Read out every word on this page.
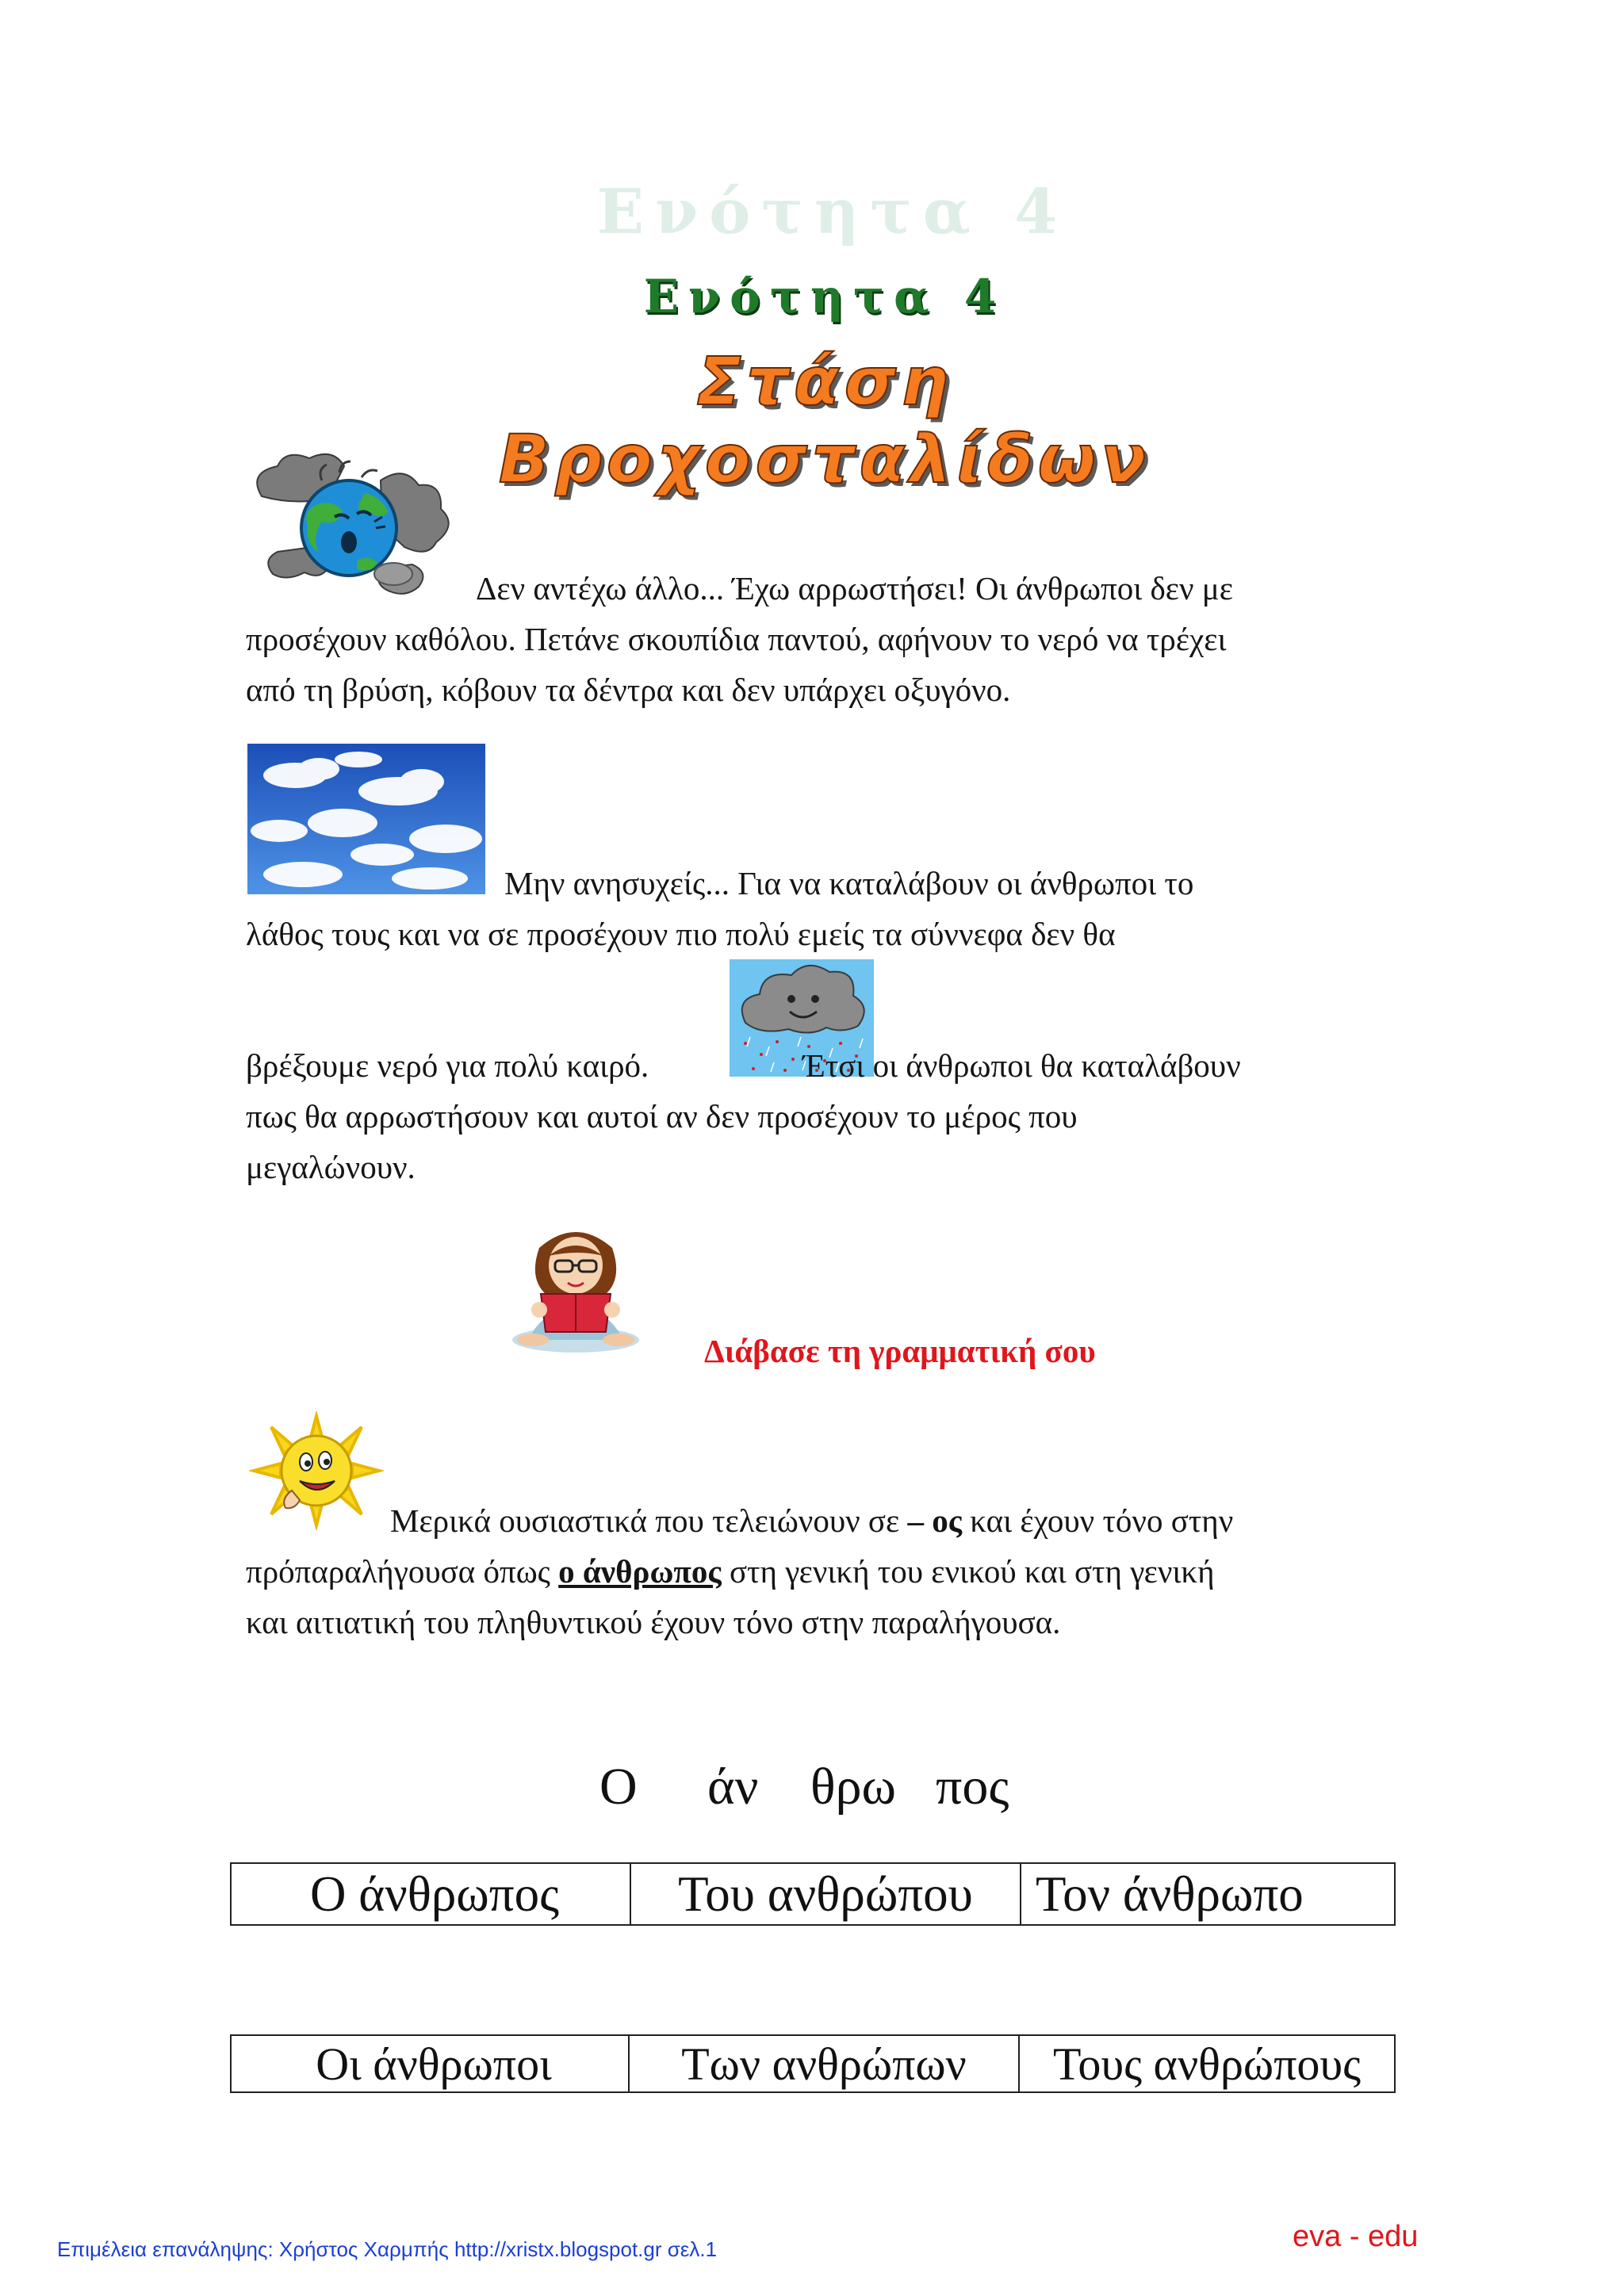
Ενότητα 4
Ενότητα 4
Στάση Βροχοσταλίδων

Δεν αντέχω άλλο... Έχω αρρωστήσει! Οι άνθρωποι δεν με

προσέχουν καθόλου. Πετάνε σκουπίδια παντού, αφήνουν το νερό να τρέχει

από τη βρύση, κόβουν τα δέντρα και δεν υπάρχει οξυγόνο.

Μην ανησυχείς... Για να καταλάβουν οι άνθρωποι το

λάθος τους και να σε προσέχουν πιο πολύ εμείς τα σύννεφα δεν θα

βρέξουμε νερό για πολύ καιρό.	Έτσι οι άνθρωποι θα καταλάβουν

πως θα αρρωστήσουν και αυτοί αν δεν προσέχουν το μέρος που

μεγαλώνουν.

Διάβασε τη γραμματική σου

Μερικά ουσιαστικά που τελειώνουν σε – ος και έχουν τόνο στην

πρόπαραλήγουσα όπως ο άνθρωπος στη γενική του ενικού και στη γενική

και αιτιατική του πληθυντικού έχουν τόνο στην παραλήγουσα.

Ο άν θρω πος
Ο άνθρωπος	Του ανθρώπου	Τον άνθρωπο
Οι άνθρωποι	Των ανθρώπων	Τους ανθρώπους
Επιμέλεια επανάληψης: Χρήστος Χαρμπής http://xristx.blogspot.gr σελ.1	eva - edu
